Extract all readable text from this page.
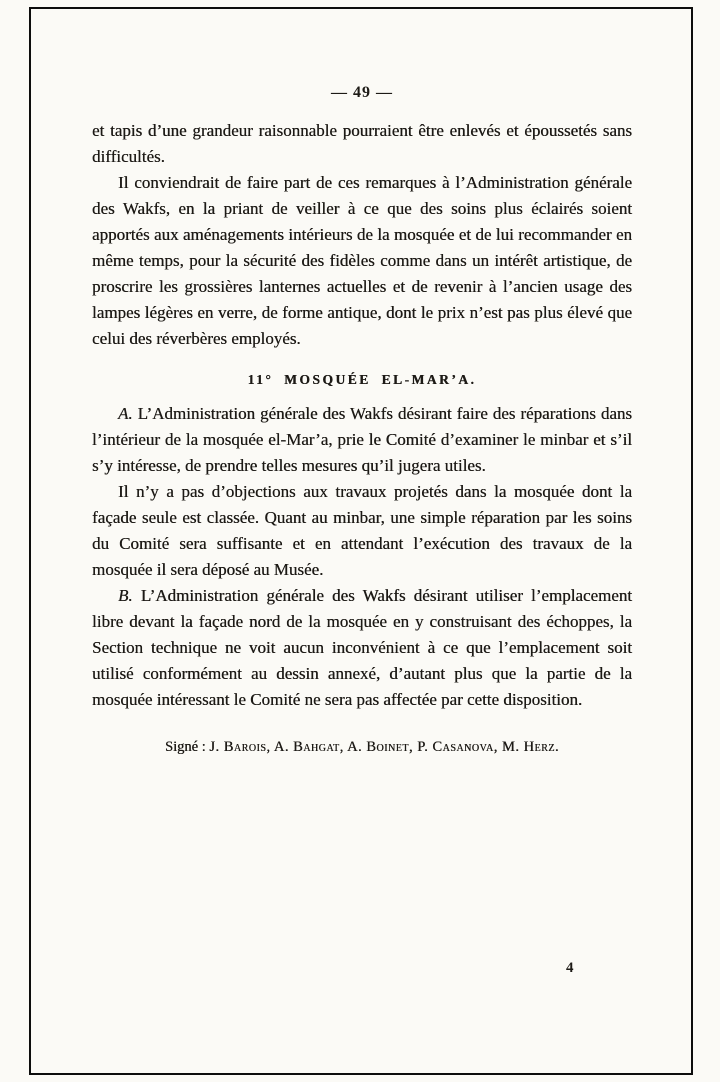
— 49 —

et tapis d’une grandeur raisonnable pourraient être enlevés et époussetés sans difficultés.

Il conviendrait de faire part de ces remarques à l’Administration générale des Wakfs, en la priant de veiller à ce que des soins plus éclairés soient apportés aux aménagements intérieurs de la mosquée et de lui recommander en même temps, pour la sécurité des fidèles comme dans un intérêt artistique, de proscrire les grossières lanternes actuelles et de revenir à l’ancien usage des lampes légères en verre, de forme antique, dont le prix n’est pas plus élevé que celui des réverbères employés.

11° MOSQUÉE EL-MAR’A.

A. L’Administration générale des Wakfs désirant faire des réparations dans l’intérieur de la mosquée el-Mar’a, prie le Comité d’examiner le minbar et s’il s’y intéresse, de prendre telles mesures qu’il jugera utiles.

Il n’y a pas d’objections aux travaux projetés dans la mosquée dont la façade seule est classée. Quant au minbar, une simple réparation par les soins du Comité sera suffisante et en attendant l’exécution des travaux de la mosquée il sera déposé au Musée.

B. L’Administration générale des Wakfs désirant utiliser l’emplacement libre devant la façade nord de la mosquée en y construisant des échoppes, la Section technique ne voit aucun inconvénient à ce que l’emplacement soit utilisé conformément au dessin annexé, d’autant plus que la partie de la mosquée intéressant le Comité ne sera pas affectée par cette disposition.

Signé : J. Barois, A. Bahgat, A. Boinet, P. Casanova, M. Herz.

4
